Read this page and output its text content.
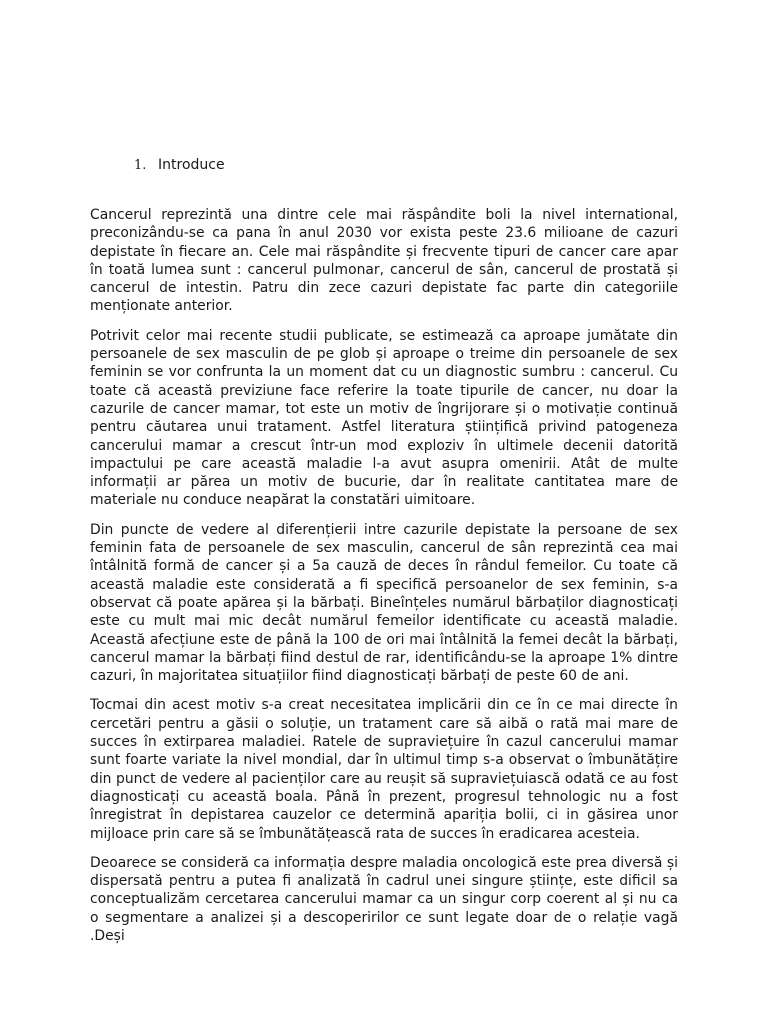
1. Introduce

Cancerul reprezintă una dintre cele mai răspândite boli la nivel international, preconizându-se ca pana în anul 2030 vor exista peste 23.6 milioane de cazuri depistate în fiecare an. Cele mai răspândite și frecvente tipuri de cancer care apar în toată lumea sunt : cancerul pulmonar, cancerul de sân, cancerul de prostată și cancerul de intestin. Patru din zece cazuri depistate fac parte din categoriile menționate anterior.

Potrivit celor mai recente studii publicate, se estimează ca aproape jumătate din persoanele de sex masculin de pe glob și aproape o treime din persoanele de sex feminin se vor confrunta la un moment dat cu un diagnostic sumbru : cancerul. Cu toate că această previziune face referire la toate tipurile de cancer, nu doar la cazurile de cancer mamar, tot este un motiv de îngrijorare și o motivație continuă pentru căutarea unui tratament. Astfel literatura științifică privind patogeneza cancerului mamar a crescut într-un mod exploziv în ultimele decenii datorită impactului pe care această maladie l-a avut asupra omenirii. Atât de multe informații ar părea un motiv de bucurie, dar în realitate cantitatea mare de materiale nu conduce neapărat la constatări uimitoare.

Din puncte de vedere al diferențierii intre cazurile depistate la persoane de sex feminin fata de persoanele de sex masculin, cancerul de sân reprezintă cea mai întâlnită formă de cancer și a 5a cauză de deces în rândul femeilor. Cu toate că această maladie este considerată a fi specifică persoanelor de sex feminin, s-a observat că poate apărea și la bărbați. Bineînțeles numărul bărbaților diagnosticați este cu mult mai mic decât numărul femeilor identificate cu această maladie. Această afecțiune este de până la 100 de ori mai întâlnită la femei decât la bărbați, cancerul mamar la bărbați fiind destul de rar, identificându-se la aproape 1% dintre cazuri, în majoritatea situațiilor fiind diagnosticați bărbați de peste 60 de ani.

Tocmai din acest motiv s-a creat necesitatea implicării din ce în ce mai directe în cercetări pentru a găsii o soluție, un tratament care să aibă o rată mai mare de succes în extirparea maladiei. Ratele de supraviețuire în cazul cancerului mamar sunt foarte variate la nivel mondial, dar în ultimul timp s-a observat o îmbunătățire din punct de vedere al pacienților care au reușit să supraviețuiască odată ce au fost diagnosticați cu această boala. Până în prezent, progresul tehnologic nu a fost înregistrat în depistarea cauzelor ce determină apariția bolii, ci in găsirea unor mijloace prin care să se îmbunătățească rata de succes în eradicarea acesteia.

Deoarece se consideră ca informația despre maladia oncologică este prea diversă și dispersată pentru a putea fi analizată în cadrul unei singure științe, este dificil sa conceptualizăm cercetarea cancerului mamar ca un singur corp coerent al și nu ca o segmentare a analizei și a descoperirilor ce sunt legate doar de o relație vagă .Deși
